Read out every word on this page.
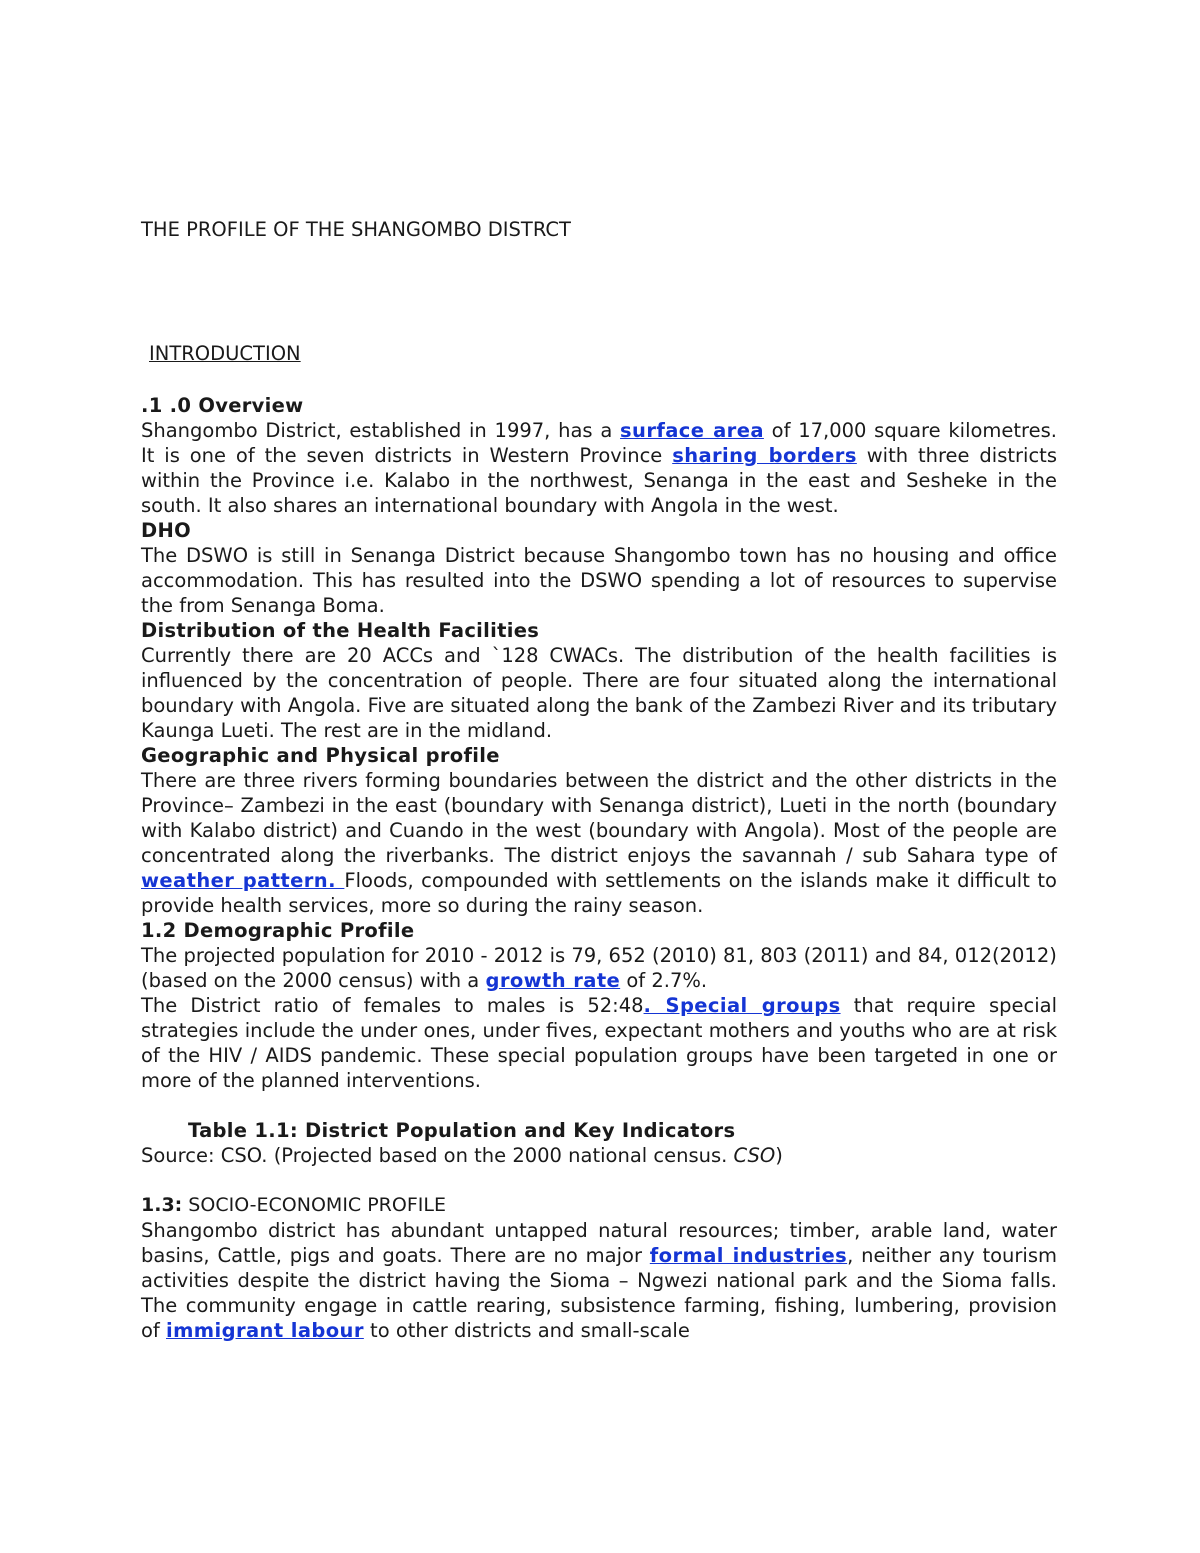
THE PROFILE OF THE SHANGOMBO DISTRCT
INTRODUCTION
.1 .0 Overview

Shangombo District, established in 1997, has a surface area of 17,000 square kilometres. It is one of the seven districts in Western Province sharing borders with three districts within the Province i.e. Kalabo in the northwest, Senanga in the east and Sesheke in the south. It also shares an international boundary with Angola in the west.

DHO

The DSWO is still in Senanga District because Shangombo town has no housing and office accommodation. This has resulted into the DSWO spending a lot of resources to supervise the from Senanga Boma.

Distribution of the Health Facilities

Currently there are 20 ACCs and `128 CWACs. The distribution of the health facilities is influenced by the concentration of people. There are four situated along the international boundary with Angola. Five are situated along the bank of the Zambezi River and its tributary Kaunga Lueti. The rest are in the midland.

Geographic and Physical profile

There are three rivers forming boundaries between the district and the other districts in the Province– Zambezi in the east (boundary with Senanga district), Lueti in the north (boundary with Kalabo district) and Cuando in the west (boundary with Angola). Most of the people are concentrated along the riverbanks. The district enjoys the savannah / sub Sahara type of weather pattern. Floods, compounded with settlements on the islands make it difficult to provide health services, more so during the rainy season.

1.2 Demographic Profile

The projected population for 2010 - 2012 is 79, 652 (2010) 81, 803 (2011) and 84, 012(2012)(based on the 2000 census) with a growth rate of 2.7%.

The District ratio of females to males is 52:48. Special groups that require special strategies include the under ones, under fives, expectant mothers and youths who are at risk of the HIV / AIDS pandemic. These special population groups have been targeted in one or more of the planned interventions.

Table 1.1: District Population and Key Indicators

Source: CSO. (Projected based on the 2000 national census. CSO)

1.3: SOCIO-ECONOMIC PROFILE

Shangombo district has abundant untapped natural resources; timber, arable land, water basins, Cattle, pigs and goats. There are no major formal industries, neither any tourism activities despite the district having the Sioma – Ngwezi national park and the Sioma falls. The community engage in cattle rearing, subsistence farming, fishing, lumbering, provision of immigrant labour to other districts and small-scale
